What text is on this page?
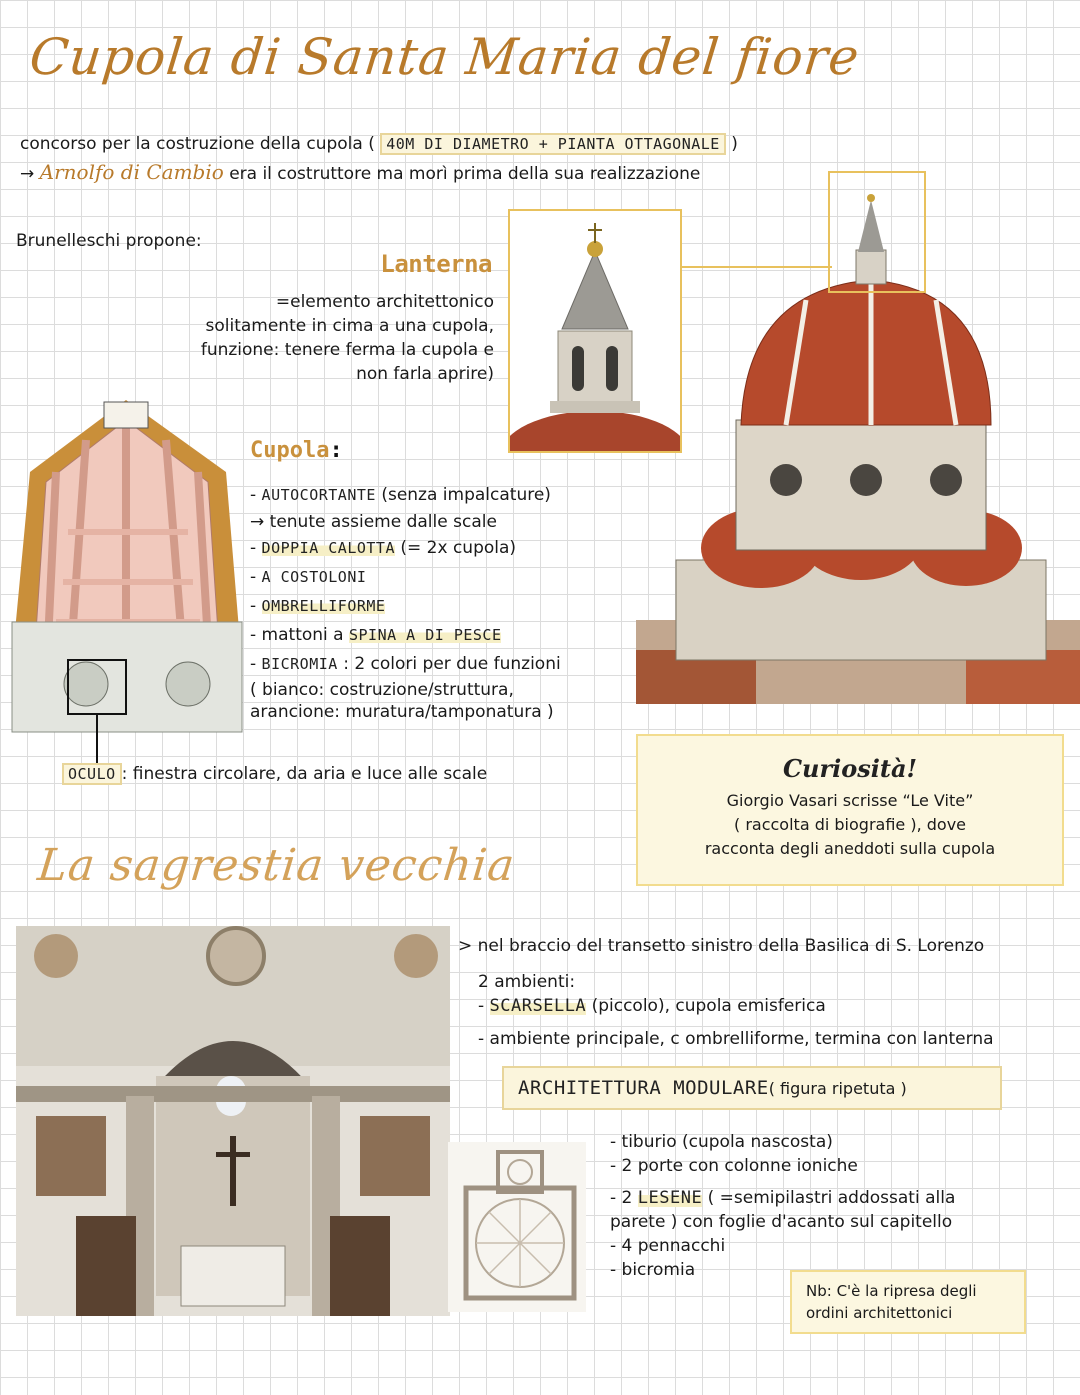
Cupola di Santa Maria del fiore
concorso per la costruzione della cupola ( 40M DI DIAMETRO + PIANTA OTTAGONALE )
→ Arnolfo di Cambio era il costruttore ma morì prima della sua realizzazione
Brunelleschi propone:
Lanterna
=elemento architettonico
solitamente in cima a una cupola,
funzione: tenere ferma la cupola e
non farla aprire)
Cupola:
- AUTOCORTANTE (senza impalcature)
→ tenute assieme dalle scale
- DOPPIA CALOTTA (= 2x cupola)
- A COSTOLONI
- OMBRELLIFORME
- mattoni a SPINA A DI PESCE
- BICROMIA : 2 colori per due funzioni
( bianco: costruzione/struttura,
arancione: muratura/tamponatura )
OCULO : finestra circolare, da aria e luce alle scale	Curiosità!
Giorgio Vasari scrisse “Le Vite”
( raccolta di biografie ), dove
racconta degli aneddoti sulla cupola
La sagrestia vecchia
> nel braccio del transetto sinistro della Basilica di S. Lorenzo
2 ambienti:
- SCARSELLA (piccolo), cupola emisferica
- ambiente principale, c ombrelliforme, termina con lanterna
ARCHITETTURA MODULARE ( figura ripetuta )
- tiburio (cupola nascosta)
- 2 porte con colonne ioniche
- 2 LESENE ( =semipilastri addossati alla
parete ) con foglie d'acanto sul capitello
- 4 pennacchi
- bicromia
Nb: C'è la ripresa degli
ordini architettonici
